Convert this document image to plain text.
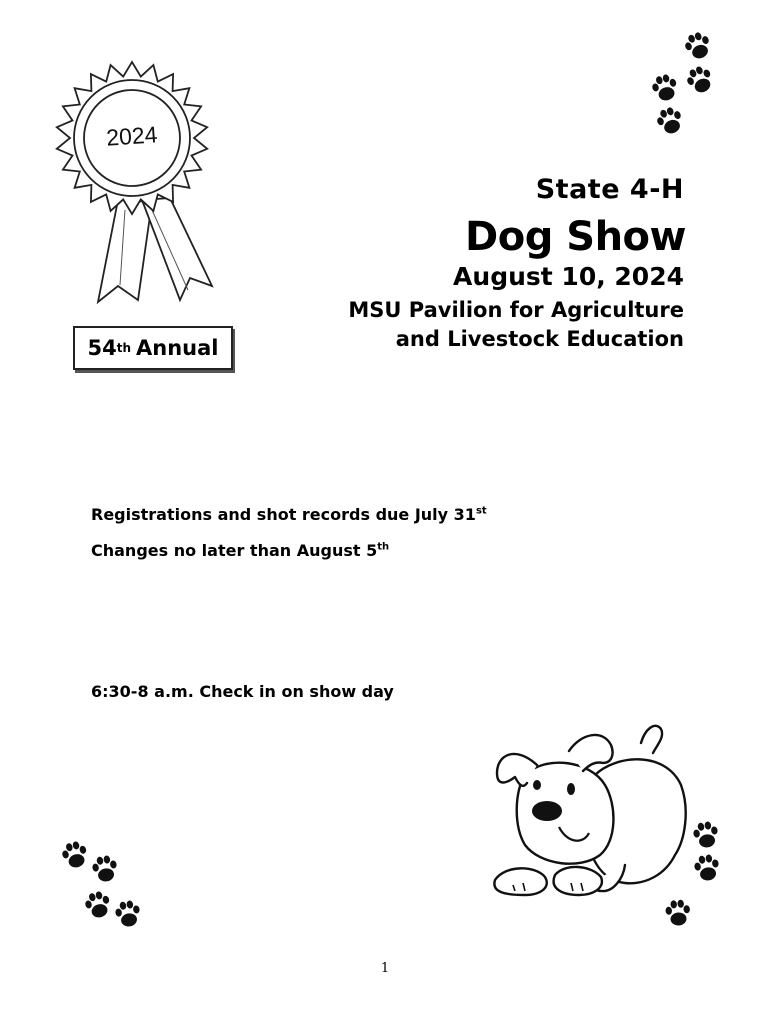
2024
54 th Annual
State 4-H
Dog Show
August 10, 2024
MSU Pavilion for Agriculture
and Livestock Education
Registrations and shot records due July 31st
Changes no later than August 5th
6:30-8 a.m. Check in on show day
1
